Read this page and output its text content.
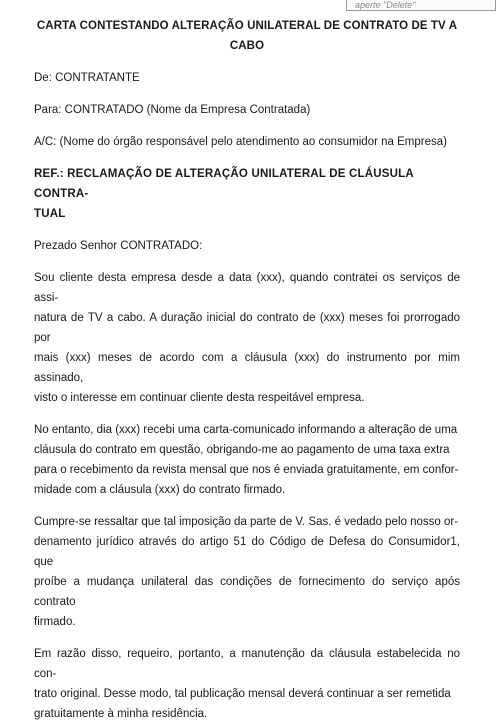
aperte "Delete"
CARTA CONTESTANDO ALTERAÇÃO UNILATERAL DE CONTRATO DE TV A
CABO

De: CONTRATANTE

Para: CONTRATADO (Nome da Empresa Contratada)

A/C: (Nome do órgão responsável pelo atendimento ao consumidor na Empresa)

REF.: RECLAMAÇÃO DE ALTERAÇÃO UNILATERAL DE CLÁUSULA CONTRA-
TUAL

Prezado Senhor CONTRATADO:

Sou cliente desta empresa desde a data (xxx), quando contratei os serviços de assi-
natura de TV a cabo. A duração inicial do contrato de (xxx) meses foi prorrogado por
mais (xxx) meses de acordo com a cláusula (xxx) do instrumento por mim assinado,
visto o interesse em continuar cliente desta respeitável empresa.
No entanto, dia (xxx) recebi uma carta-comunicado informando a alteração de uma
cláusula do contrato em questão, obrigando-me ao pagamento de uma taxa extra
para o recebimento da revista mensal que nos é enviada gratuitamente, em confor-
midade com a cláusula (xxx) do contrato firmado.
Cumpre-se ressaltar que tal imposição da parte de V. Sas. é vedado pelo nosso or-
denamento jurídico através do artigo 51 do Código de Defesa do Consumidor1, que
proíbe a mudança unilateral das condições de fornecimento do serviço após contrato
firmado.
Em razão disso, requeiro, portanto, a manutenção da cláusula estabelecida no con-
trato original. Desse modo, tal publicação mensal deverá continuar a ser remetida
gratuitamente à minha residência.
